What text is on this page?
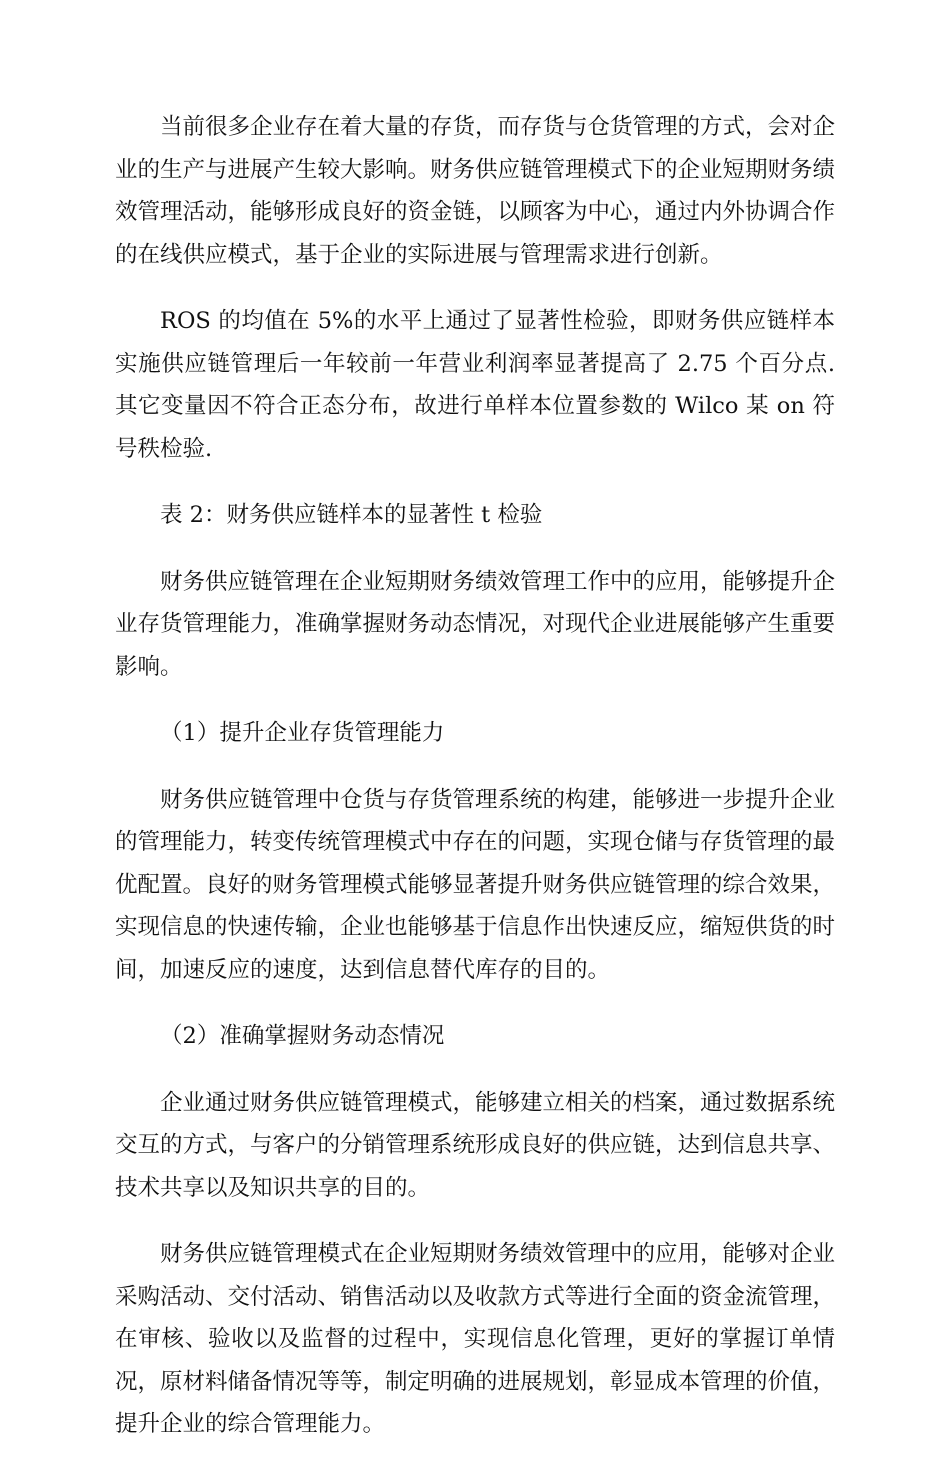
当前很多企业存在着大量的存货，而存货与仓货管理的方式，会对企业的生产与进展产生较大影响。财务供应链管理模式下的企业短期财务绩效管理活动，能够形成良好的资金链，以顾客为中心，通过内外协调合作的在线供应模式，基于企业的实际进展与管理需求进行创新。

ROS 的均值在 5%的水平上通过了显著性检验，即财务供应链样本实施供应链管理后一年较前一年营业利润率显著提高了 2.75 个百分点.其它变量因不符合正态分布，故进行单样本位置参数的 Wilco 某 on 符号秩检验.

表 2：财务供应链样本的显著性 t 检验

财务供应链管理在企业短期财务绩效管理工作中的应用，能够提升企业存货管理能力，准确掌握财务动态情况，对现代企业进展能够产生重要影响。

（1）提升企业存货管理能力

财务供应链管理中仓货与存货管理系统的构建，能够进一步提升企业的管理能力，转变传统管理模式中存在的问题，实现仓储与存货管理的最优配置。良好的财务管理模式能够显著提升财务供应链管理的综合效果，实现信息的快速传输，企业也能够基于信息作出快速反应，缩短供货的时间，加速反应的速度，达到信息替代库存的目的。

（2）准确掌握财务动态情况

企业通过财务供应链管理模式，能够建立相关的档案，通过数据系统交互的方式，与客户的分销管理系统形成良好的供应链，达到信息共享、技术共享以及知识共享的目的。

财务供应链管理模式在企业短期财务绩效管理中的应用，能够对企业采购活动、交付活动、销售活动以及收款方式等进行全面的资金流管理，在审核、验收以及监督的过程中，实现信息化管理，更好的掌握订单情况，原材料储备情况等等，制定明确的进展规划，彰显成本管理的价值，提升企业的综合管理能力。
